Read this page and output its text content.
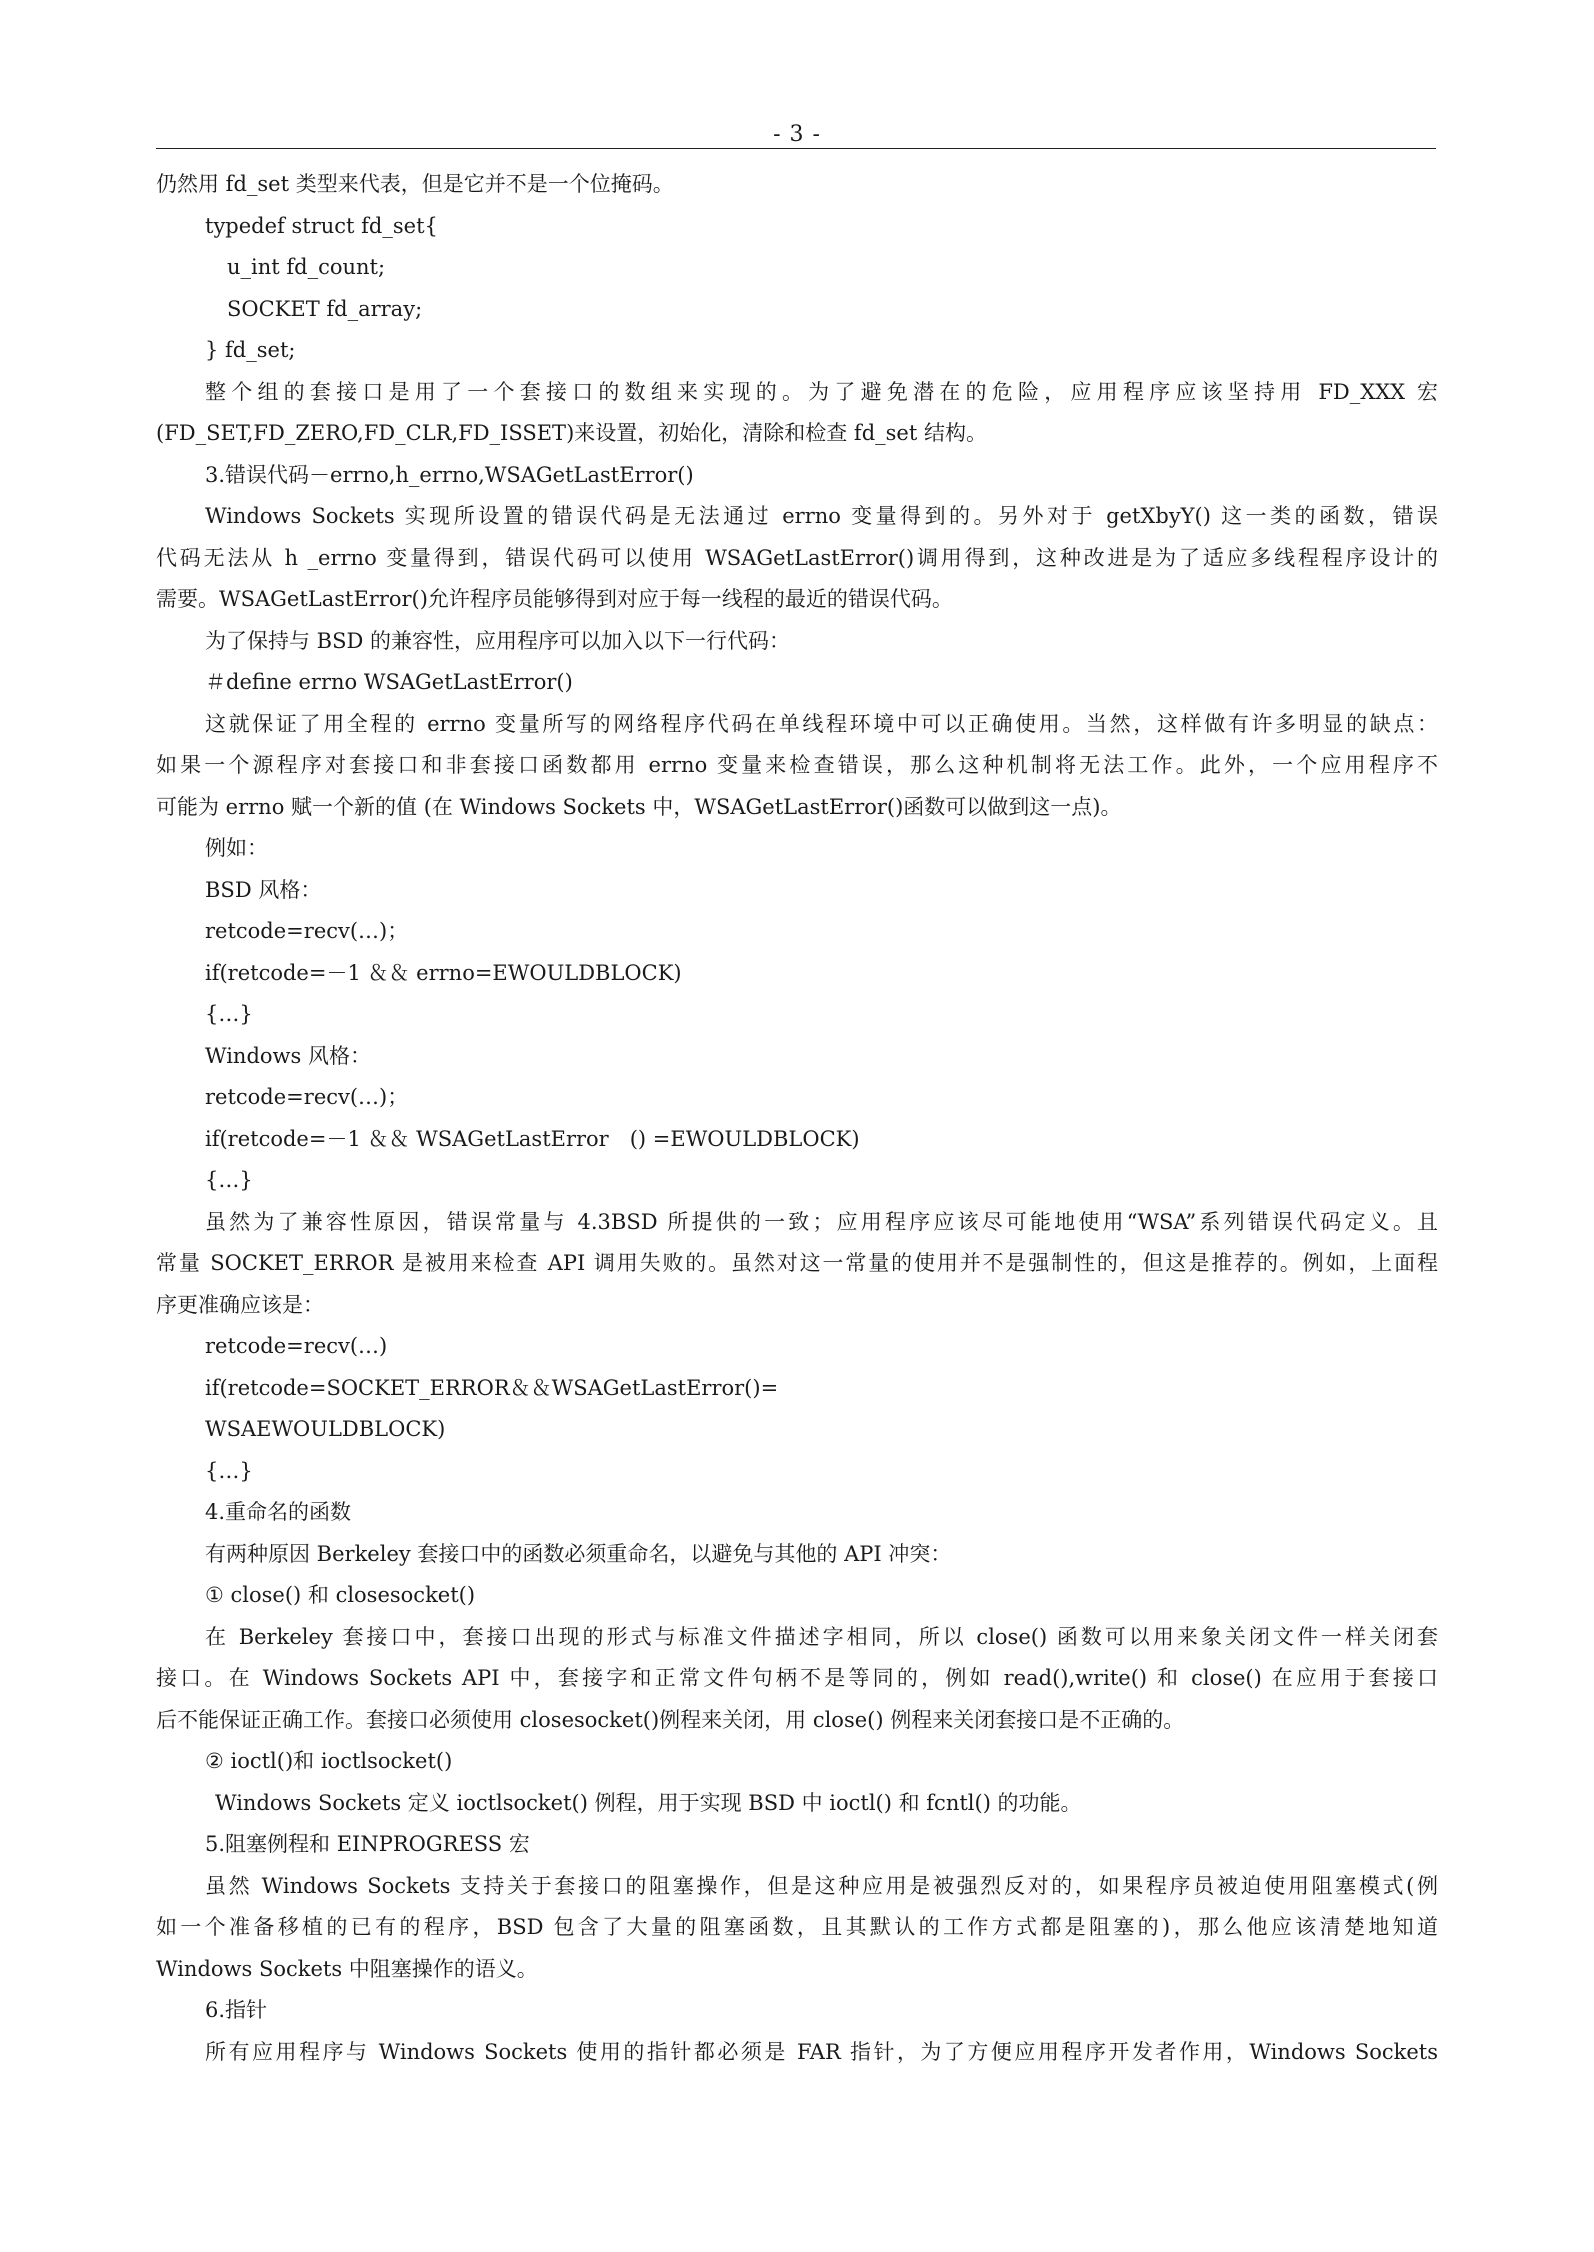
- 3 -
仍然用 fd_set 类型来代表，但是它并不是一个位掩码。
typedef struct fd_set{
u_int fd_count;
SOCKET fd_array;
} fd_set;
整个组的套接口是用了一个套接口的数组来实现的。为了避免潜在的危险，应用程序应该坚持用 FD_XXX 宏
(FD_SET,FD_ZERO,FD_CLR,FD_ISSET)来设置，初始化，清除和检查 fd_set 结构。
3.错误代码－errno,h_errno,WSAGetLastError()
Windows Sockets 实现所设置的错误代码是无法通过 errno 变量得到的。另外对于 getXbyY() 这一类的函数，错误
代码无法从 h _errno 变量得到，错误代码可以使用 WSAGetLastError()调用得到，这种改进是为了适应多线程程序设计的
需要。WSAGetLastError()允许程序员能够得到对应于每一线程的最近的错误代码。
为了保持与 BSD 的兼容性，应用程序可以加入以下一行代码：
＃define errno WSAGetLastError()
这就保证了用全程的 errno 变量所写的网络程序代码在单线程环境中可以正确使用。当然，这样做有许多明显的缺点：
如果一个源程序对套接口和非套接口函数都用 errno 变量来检查错误，那么这种机制将无法工作。此外，一个应用程序不
可能为 errno 赋一个新的值 (在 Windows Sockets 中，WSAGetLastError()函数可以做到这一点)。
例如：
BSD 风格：
retcode=recv(…)；
if(retcode=－1 ＆＆ errno=EWOULDBLOCK)
{…}
Windows 风格：
retcode=recv(…)；
if(retcode=－1 ＆＆ WSAGetLastError　() =EWOULDBLOCK)
{…}
虽然为了兼容性原因，错误常量与 4.3BSD 所提供的一致；应用程序应该尽可能地使用“WSA”系列错误代码定义。且
常量 SOCKET_ERROR 是被用来检查 API 调用失败的。虽然对这一常量的使用并不是强制性的，但这是推荐的。例如，上面程
序更准确应该是：
retcode=recv(…)
if(retcode=SOCKET_ERROR＆＆WSAGetLastError()=
WSAEWOULDBLOCK)
{…}
4.重命名的函数
有两种原因 Berkeley 套接口中的函数必须重命名，以避免与其他的 API 冲突：
① close() 和 closesocket()
在 Berkeley 套接口中，套接口出现的形式与标准文件描述字相同，所以 close() 函数可以用来象关闭文件一样关闭套
接口。在 Windows Sockets API 中，套接字和正常文件句柄不是等同的，例如 read(),write() 和 close() 在应用于套接口
后不能保证正确工作。套接口必须使用 closesocket()例程来关闭，用 close() 例程来关闭套接口是不正确的。
② ioctl()和 ioctlsocket()
Windows Sockets 定义 ioctlsocket() 例程，用于实现 BSD 中 ioctl() 和 fcntl() 的功能。
5.阻塞例程和 EINPROGRESS 宏
虽然 Windows Sockets 支持关于套接口的阻塞操作，但是这种应用是被强烈反对的，如果程序员被迫使用阻塞模式(例
如一个准备移植的已有的程序，BSD 包含了大量的阻塞函数，且其默认的工作方式都是阻塞的)，那么他应该清楚地知道
Windows Sockets 中阻塞操作的语义。
6.指针
所有应用程序与 Windows Sockets 使用的指针都必须是 FAR 指针，为了方便应用程序开发者作用，Windows Sockets
